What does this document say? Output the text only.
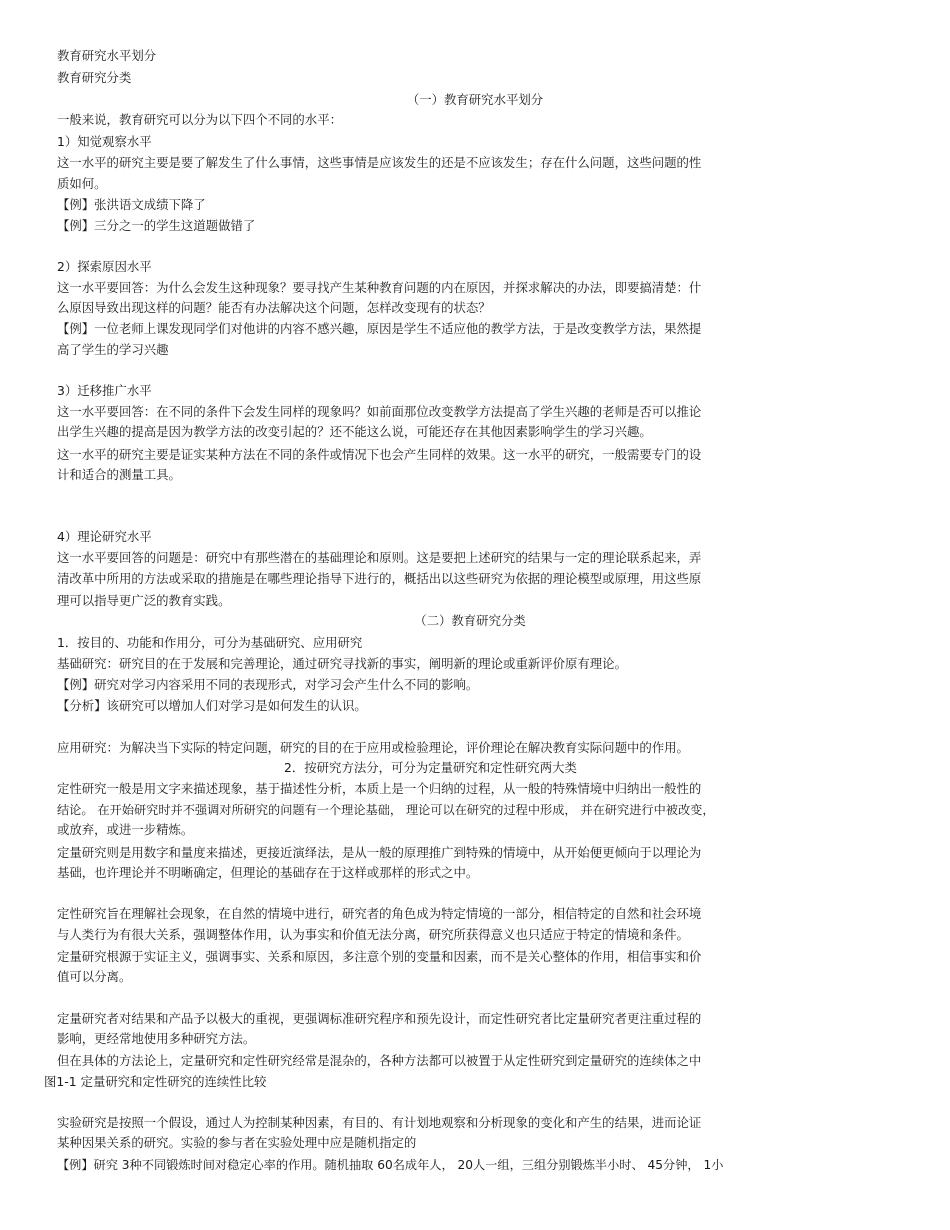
教育研究水平划分
教育研究分类
（一）教育研究水平划分
一般来说，教育研究可以分为以下四个不同的水平：
1）知觉观察水平
这一水平的研究主要是要了解发生了什么事情，这些事情是应该发生的还是不应该发生；存在什么问题，这些问题的性
质如何。
【例】张洪语文成绩下降了
【例】三分之一的学生这道题做错了
2）探索原因水平
这一水平要回答：为什么会发生这种现象？要寻找产生某种教育问题的内在原因，并探求解决的办法，即要搞清楚：什
么原因导致出现这样的问题？能否有办法解决这个问题，怎样改变现有的状态？
【例】一位老师上课发现同学们对他讲的内容不感兴趣，原因是学生不适应他的教学方法，于是改变教学方法，果然提
高了学生的学习兴趣
3）迁移推广水平
这一水平要回答：在不同的条件下会发生同样的现象吗？如前面那位改变教学方法提高了学生兴趣的老师是否可以推论
出学生兴趣的提高是因为教学方法的改变引起的？还不能这么说，可能还存在其他因素影响学生的学习兴趣。
这一水平的研究主要是证实某种方法在不同的条件或情况下也会产生同样的效果。这一水平的研究，一般需要专门的设
计和适合的测量工具。
4）理论研究水平
这一水平要回答的问题是：研究中有那些潜在的基础理论和原则。这是要把上述研究的结果与一定的理论联系起来，弄
清改革中所用的方法或采取的措施是在哪些理论指导下进行的，概括出以这些研究为依据的理论模型或原理，用这些原
理可以指导更广泛的教育实践。
（二）教育研究分类
1．按目的、功能和作用分，可分为基础研究、应用研究
基础研究：研究目的在于发展和完善理论，通过研究寻找新的事实，阐明新的理论或重新评价原有理论。
【例】研究对学习内容采用不同的表现形式，对学习会产生什么不同的影响。
【分析】该研究可以增加人们对学习是如何发生的认识。
应用研究：为解决当下实际的特定问题，研究的目的在于应用或检验理论，评价理论在解决教育实际问题中的作用。
2．按研究方法分，可分为定量研究和定性研究两大类
定性研究一般是用文字来描述现象，基于描述性分析，本质上是一个归纳的过程，从一般的特殊情境中归纳出一般性的
结论。 在开始研究时并不强调对所研究的问题有一个理论基础， 理论可以在研究的过程中形成， 并在研究进行中被改变，
或放弃，或进一步精炼。
定量研究则是用数字和量度来描述，更接近演绎法，是从一般的原理推广到特殊的情境中，从开始便更倾向于以理论为
基础，也许理论并不明晰确定，但理论的基础存在于这样或那样的形式之中。
定性研究旨在理解社会现象，在自然的情境中进行，研究者的角色成为特定情境的一部分，相信特定的自然和社会环境
与人类行为有很大关系，强调整体作用，认为事实和价值无法分离，研究所获得意义也只适应于特定的情境和条件。
定量研究根源于实证主义，强调事实、关系和原因，多注意个别的变量和因素，而不是关心整体的作用，相信事实和价
值可以分离。
定量研究者对结果和产品予以极大的重视，更强调标准研究程序和预先设计，而定性研究者比定量研究者更注重过程的
影响，更经常地使用多种研究方法。
但在具体的方法论上，定量研究和定性研究经常是混杂的，各种方法都可以被置于从定性研究到定量研究的连续体之中
图1-1 定量研究和定性研究的连续性比较
实验研究是按照一个假设，通过人为控制某种因素，有目的、有计划地观察和分析现象的变化和产生的结果，进而论证
某种因果关系的研究。实验的参与者在实验处理中应是随机指定的
【例】研究 3种不同锻炼时间对稳定心率的作用。随机抽取 60名成年人， 20人一组，三组分别锻炼半小时、 45分钟， 1小
